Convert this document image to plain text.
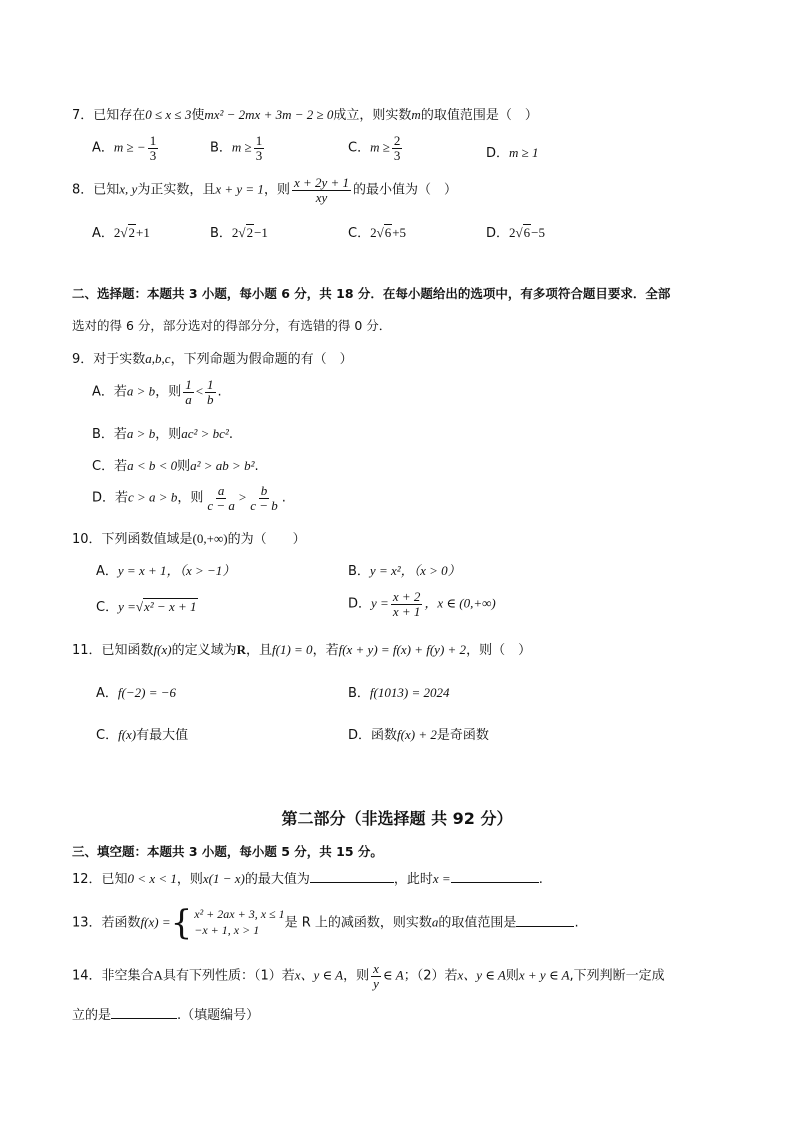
7．已知存在0 ≤ x ≤ 3使mx² − 2mx + 3m − 2 ≥ 0成立，则实数m的取值范围是（　）
A．m ≥ − $\frac{1}{3}$	B．$m \ge \frac{1}{3}$	C．$m \ge \frac{2}{3}$	D．m ≥ 1
8．已知x, y为正实数，且x + y = 1，则 $\frac{x + 2y + 1}{xy}$ 的最小值为（　）
A．2√2+1	B．2√2−1	C．2√6+5	D．2√6−5
二、选择题：本题共 3 小题，每小题 6 分，共 18 分．在每小题给出的选项中，有多项符合题目要求．全部
选对的得 6 分，部分选对的得部分分，有选错的得 0 分．
9．对于实数a,b,c，下列命题为假命题的有（　）
A．若a > b，则 $\frac{1}{a} < \frac{1}{b}$ .
B．若a > b，则ac² > bc².
C．若a < b < 0则a² > ab > b².
D．若c > a > b，则 $\frac{a}{c - a} > \frac{b}{c - b}$ .
10．下列函数值域是(0,+∞)的为（　　）
A．y = x + 1，（x > −1）	B．y = x²，（x > 0）
C．y =√x² − x + 1	D．$y = \frac{x + 2}{x + 1}$ ，x ∈ (0,+∞)
11．已知函数f(x)的定义域为R，且f(1) = 0，若f(x + y) = f(x) + f(y) + 2，则（　）
A．f(−2) = −6	B．f(1013) = 2024
C．f(x)有最大值	D．函数f(x) + 2是奇函数
第二部分（非选择题 共 92 分）
三、填空题：本题共 3 小题，每小题 5 分，共 15 分。
12．已知0 < x < 1，则x(1 − x)的最大值为	，此时x =	.
13．若函数f(x) = { x² + 2ax + 3, x ≤ 1
−x + 1, x > 1	是 R 上的减函数，则实数a的取值范围是	.
14．非空集合A具有下列性质：（1）若x、y ∈ A，则 $\frac{x}{y}$ ∈ A；（2）若x、y ∈ A则x + y ∈ A,下列判断一定成
立的是	.（填题编号）
